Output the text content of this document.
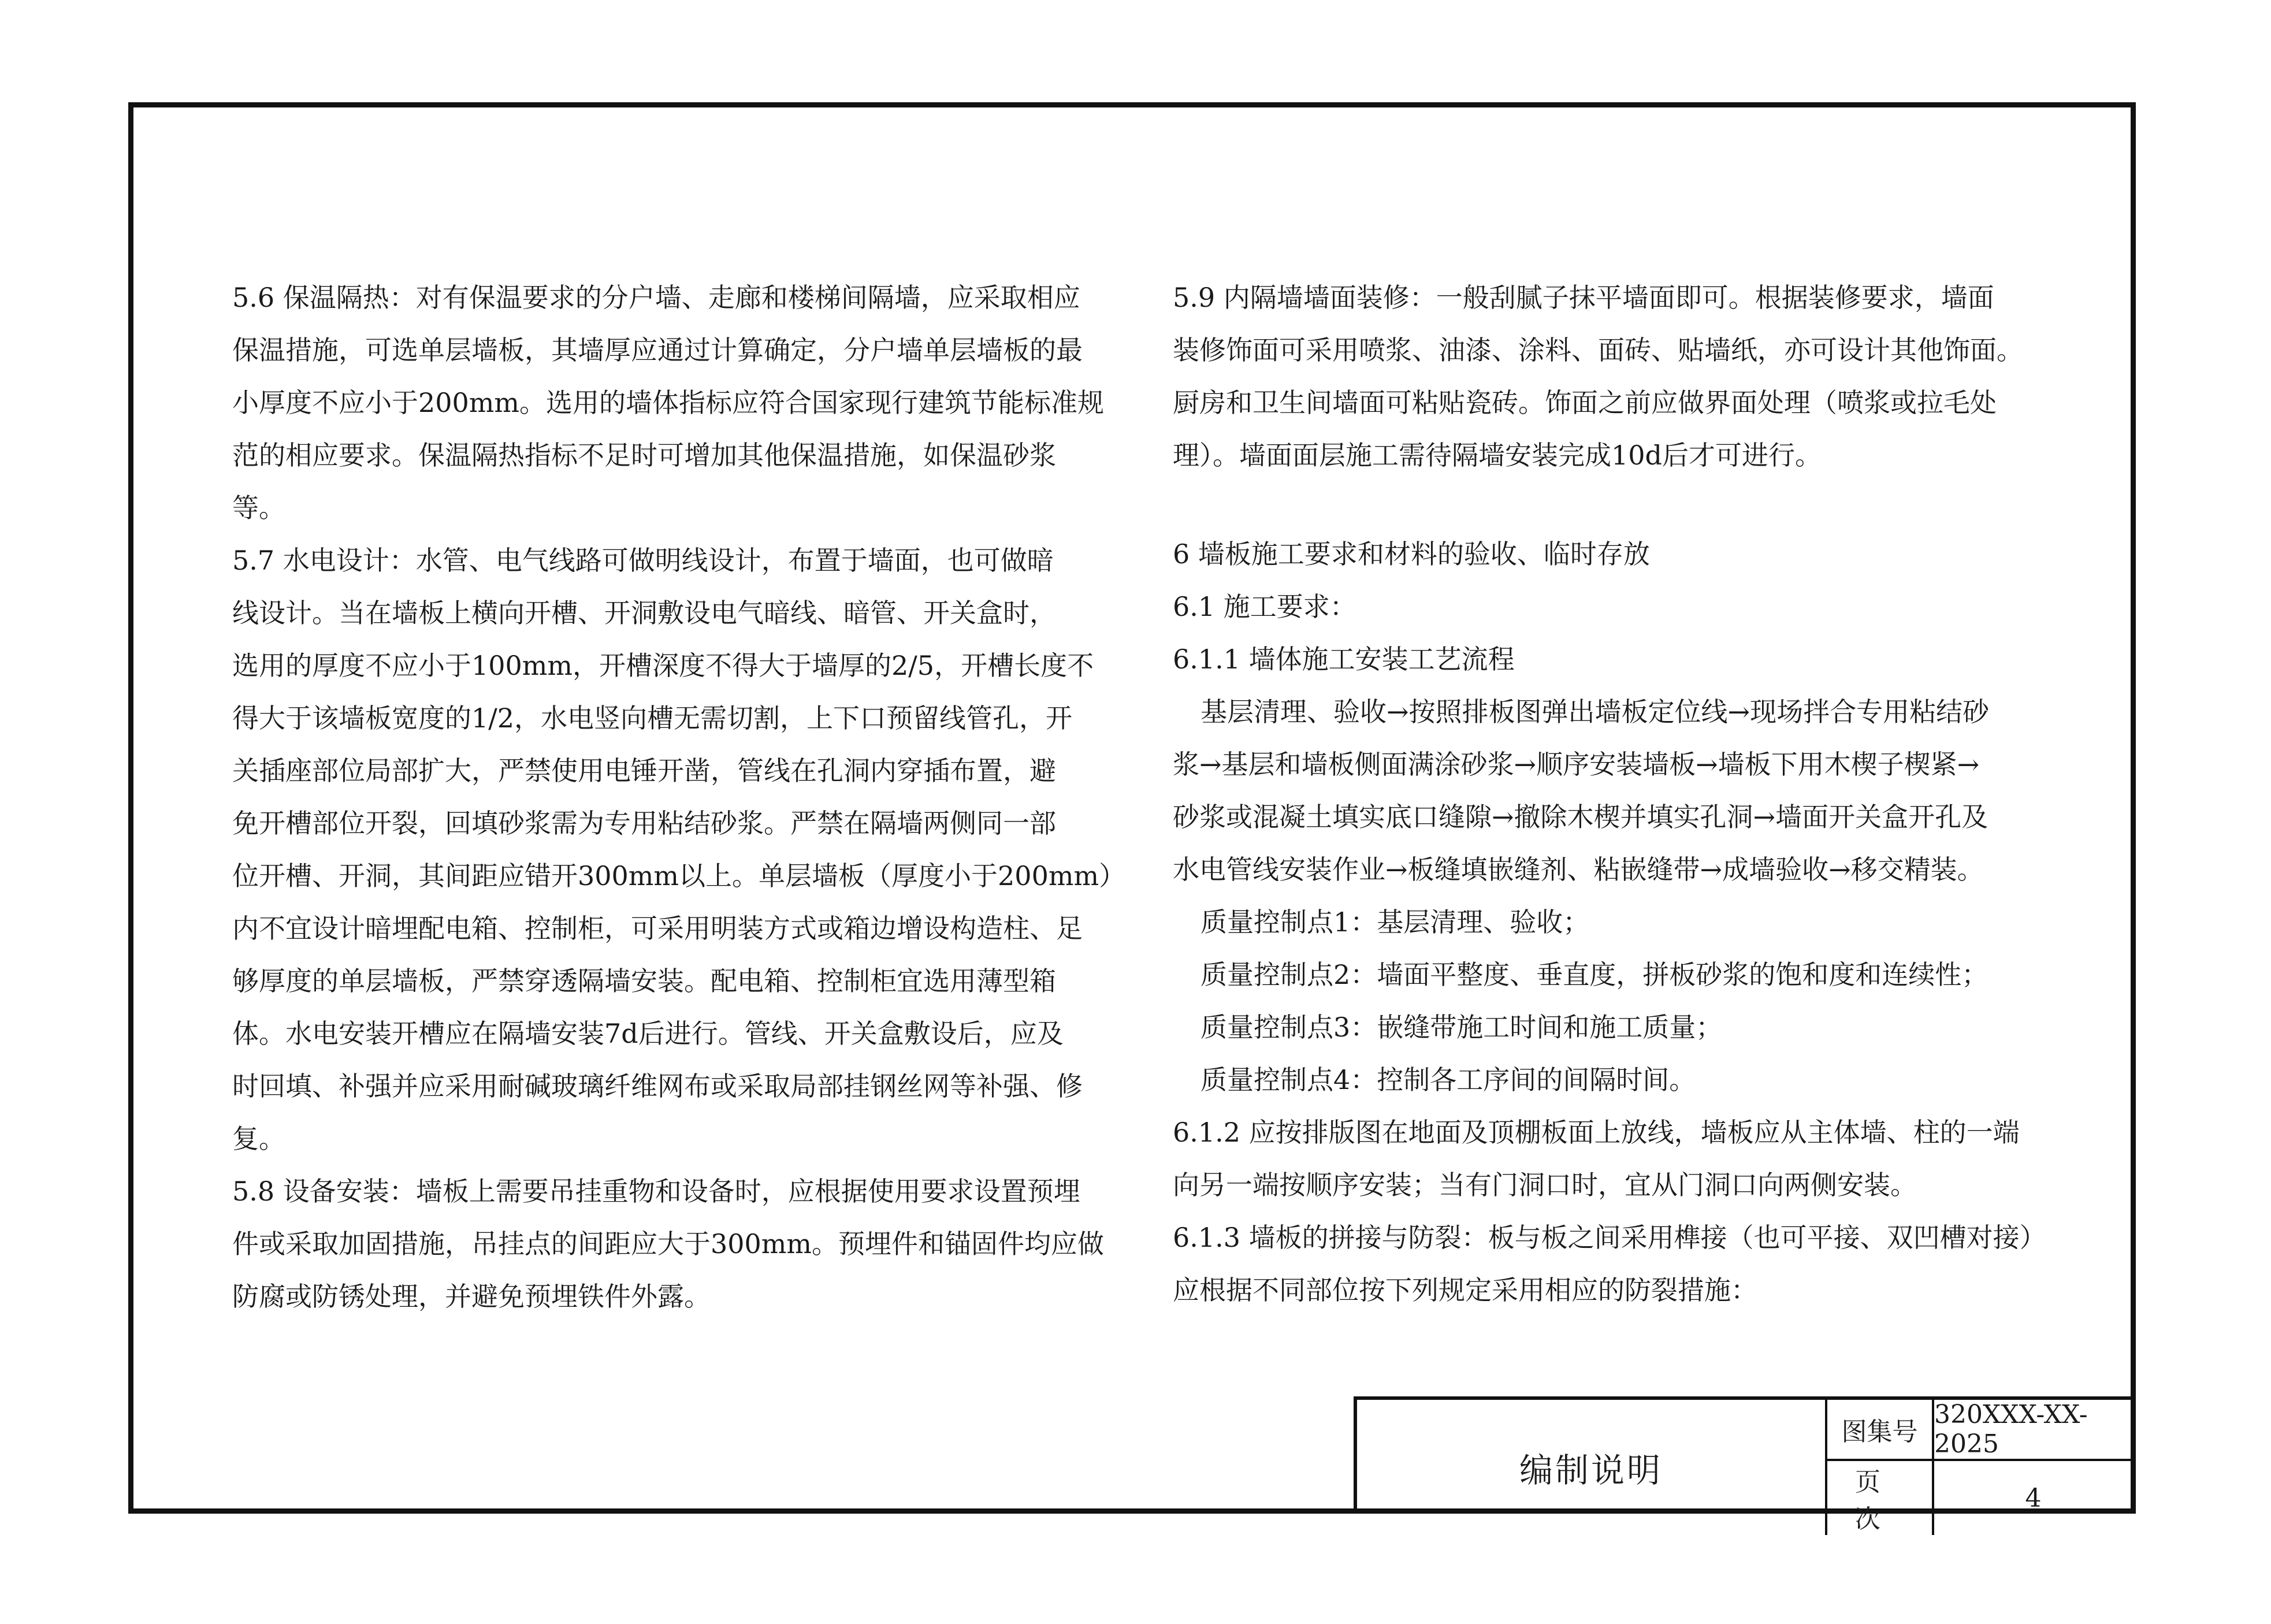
5.6 保温隔热：对有保温要求的分户墙、走廊和楼梯间隔墙，应采取相应
保温措施，可选单层墙板，其墙厚应通过计算确定，分户墙单层墙板的最
小厚度不应小于200mm。选用的墙体指标应符合国家现行建筑节能标准规
范的相应要求。保温隔热指标不足时可增加其他保温措施，如保温砂浆
等。
5.7 水电设计：水管、电气线路可做明线设计，布置于墙面，也可做暗
线设计。当在墙板上横向开槽、开洞敷设电气暗线、暗管、开关盒时，
选用的厚度不应小于100mm，开槽深度不得大于墙厚的2/5，开槽长度不
得大于该墙板宽度的1/2，水电竖向槽无需切割，上下口预留线管孔，开
关插座部位局部扩大，严禁使用电锤开凿，管线在孔洞内穿插布置，避
免开槽部位开裂，回填砂浆需为专用粘结砂浆。严禁在隔墙两侧同一部
位开槽、开洞，其间距应错开300mm以上。单层墙板（厚度小于200mm）
内不宜设计暗埋配电箱、控制柜，可采用明装方式或箱边增设构造柱、足
够厚度的单层墙板，严禁穿透隔墙安装。配电箱、控制柜宜选用薄型箱
体。水电安装开槽应在隔墙安装7d后进行。管线、开关盒敷设后，应及
时回填、补强并应采用耐碱玻璃纤维网布或采取局部挂钢丝网等补强、修
复。
5.8 设备安装：墙板上需要吊挂重物和设备时，应根据使用要求设置预埋
件或采取加固措施，吊挂点的间距应大于300mm。预埋件和锚固件均应做
防腐或防锈处理，并避免预埋铁件外露。
5.9 内隔墙墙面装修：一般刮腻子抹平墙面即可。根据装修要求，墙面
装修饰面可采用喷浆、油漆、涂料、面砖、贴墙纸，亦可设计其他饰面。
厨房和卫生间墙面可粘贴瓷砖。饰面之前应做界面处理（喷浆或拉毛处
理）。墙面面层施工需待隔墙安装完成10d后才可进行。
6 墙板施工要求和材料的验收、临时存放
6.1 施工要求：
6.1.1 墙体施工安装工艺流程
基层清理、验收→按照排板图弹出墙板定位线→现场拌合专用粘结砂
浆→基层和墙板侧面满涂砂浆→顺序安装墙板→墙板下用木楔子楔紧→
砂浆或混凝土填实底口缝隙→撤除木楔并填实孔洞→墙面开关盒开孔及
水电管线安装作业→板缝填嵌缝剂、粘嵌缝带→成墙验收→移交精装。
质量控制点1：基层清理、验收；
质量控制点2：墙面平整度、垂直度，拼板砂浆的饱和度和连续性；
质量控制点3：嵌缝带施工时间和施工质量；
质量控制点4：控制各工序间的间隔时间。
6.1.2 应按排版图在地面及顶棚板面上放线，墙板应从主体墙、柱的一端
向另一端按顺序安装；当有门洞口时，宜从门洞口向两侧安装。
6.1.3 墙板的拼接与防裂：板与板之间采用榫接（也可平接、双凹槽对接）
应根据不同部位按下列规定采用相应的防裂措施：
编制说明
图集号
320XXX-XX-2025
页次
4
